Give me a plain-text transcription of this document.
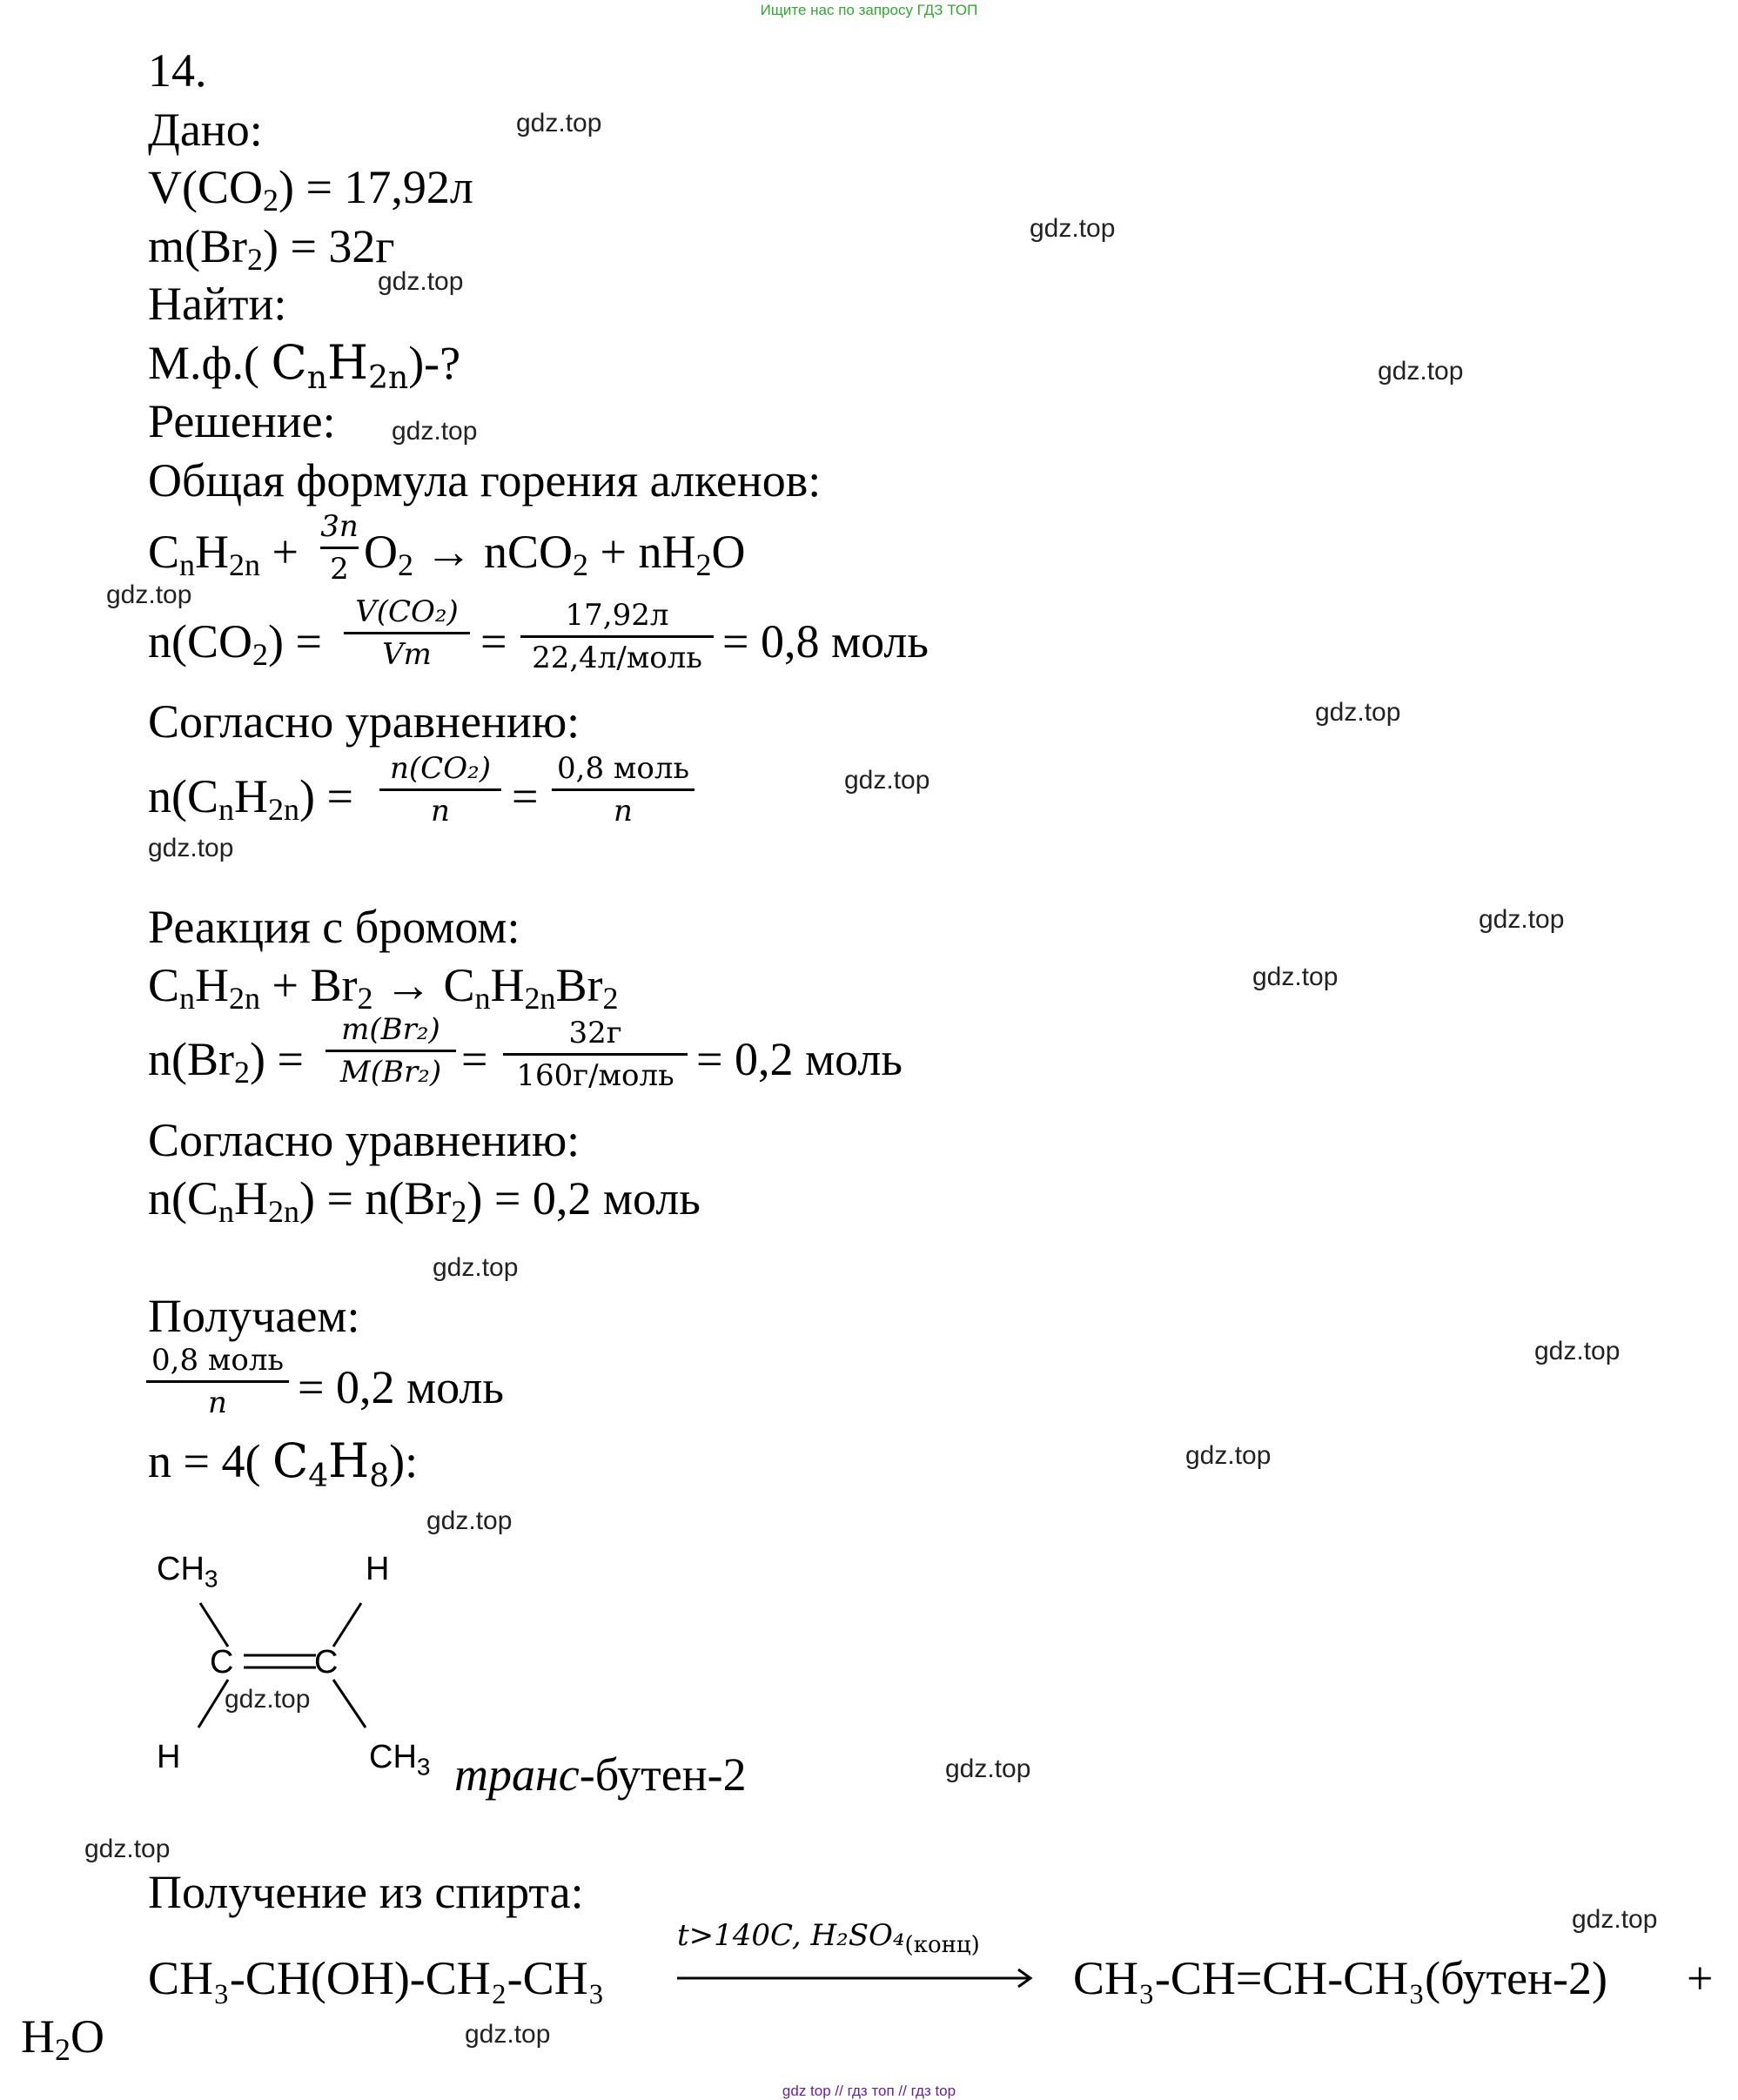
Ищите нас по запросу ГДЗ ТОП
gdz.top
gdz.top
gdz.top
gdz.top
gdz.top
gdz.top
gdz.top
gdz.top
gdz.top
gdz.top
gdz.top
gdz.top
gdz.top
gdz.top
gdz.top
gdz.top
gdz.top
gdz.top
gdz.top
gdz.top
14.
Дано:
$V(CO_2) = 17,92л$
$m(Br_2) = 32г$
Найти:
М.ф.( $C_nH_{2n})-$?
Решение:
Общая формула горения алкенов:
$C_nH_{2n} + 3n$
2 $O_2 \to nCO_2 + nH_2O$
$n(CO_2)$ =
V(CO₂)
Vm	=	17,92л
22,4л/моль = 0,8 моль
Согласно уравнению:
$n(C_nH_{2n})$ =
n(CO₂)
n	=
0,8 моль
n
Реакция с бромом:
$C_nH_{2n} + Br_2 \to C_nH_{2n}Br_2$
$n(Br_2)$ =
m(Br₂)
M(Br₂) =	32г
160г/моль = 0,2 моль
Согласно уравнению:
$n(C_nH_{2n}) = n(Br_2) = 0,2$ моль
Получаем:
0,8 моль
n	= 0,2 моль
n = 4( $C_4H_8$):
$CH_3$	H
C C
H	$CH_3$ транс-бутен-2
Получение из спирта:
CH₃-CH(OH)-CH₂-CH₃
t>140C, $H_2SO_4_{(конц)}$
CH₃-CH=CH-CH₃(бутен-2) +
$H_2O$
gdz top // гдз топ // гдз top
